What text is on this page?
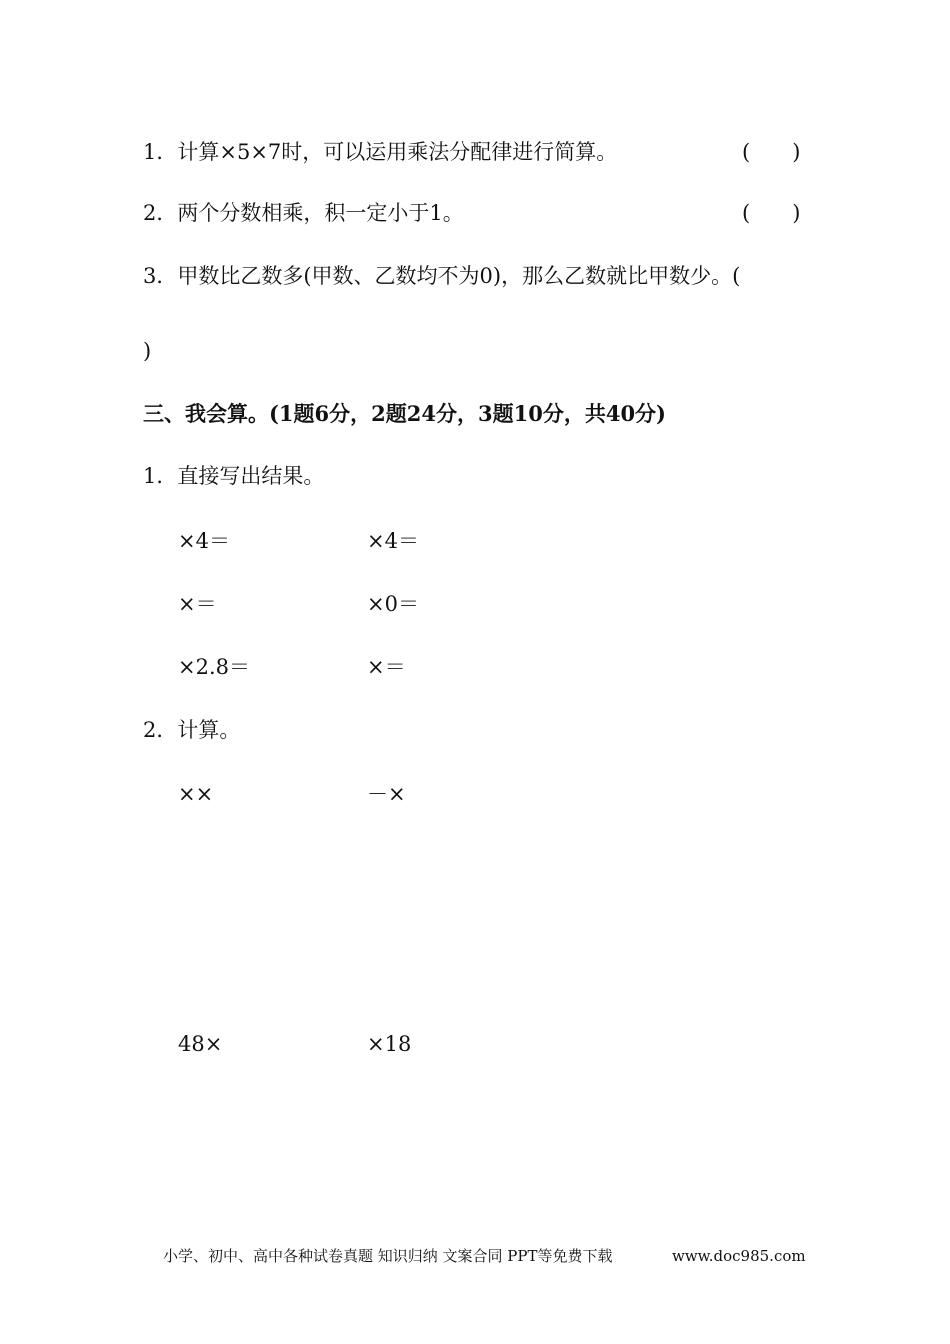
1．计算×5×7时，可以运用乘法分配律进行简算。	(　　)
2．两个分数相乘，积一定小于1。	(　　)
3．甲数比乙数多(甲数、乙数均不为0)，那么乙数就比甲数少。(
)
三、我会算。(1题6分，2题24分，3题10分，共40分)
1．直接写出结果。
×4＝	×4＝
×＝	×0＝
×2.8＝	×＝
2．计算。
××	－×
48×	×18
小学、初中、高中各种试卷真题 知识归纳 文案合同 PPT等免费下载	www.doc985.com
